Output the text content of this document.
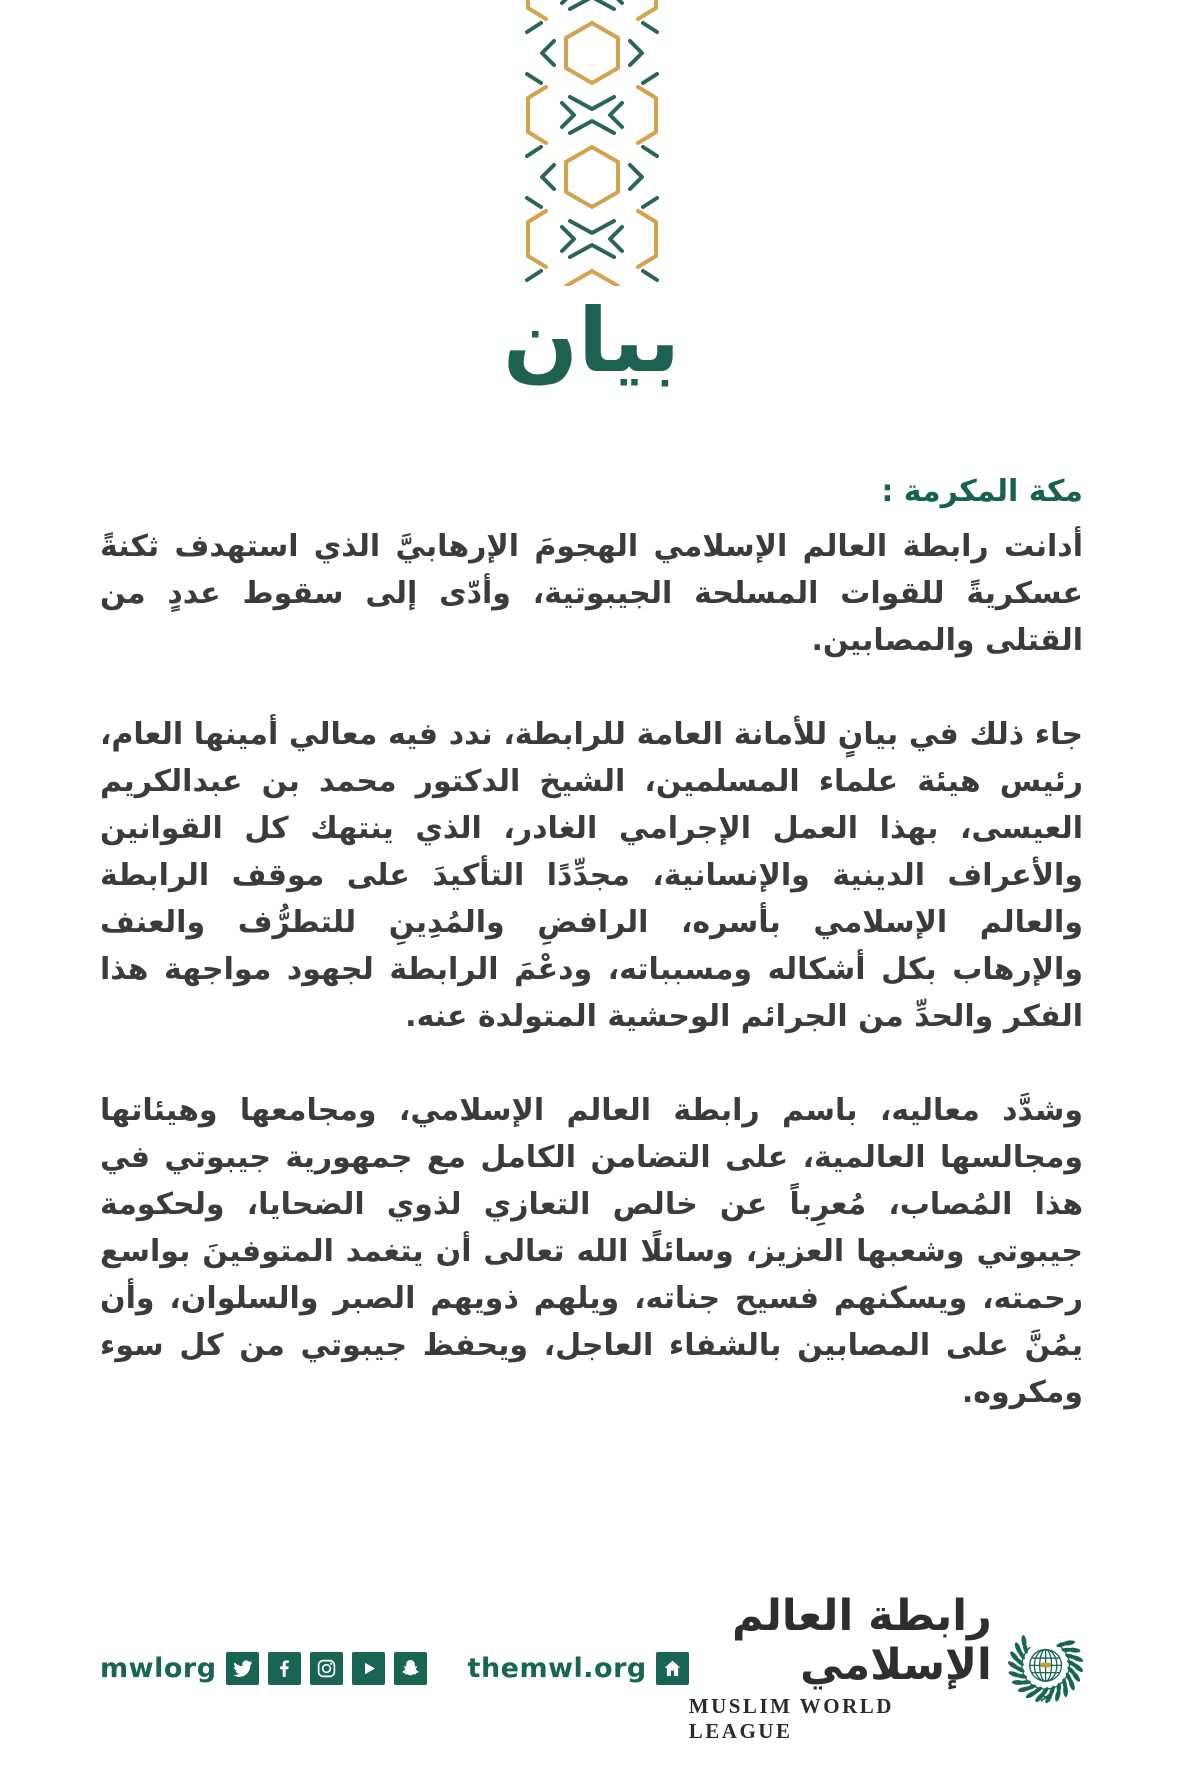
بيان
مكة المكرمة :

أدانت رابطة العالم الإسلامي الهجومَ الإرهابيَّ الذي استهدف ثكنةً عسكريةً للقوات المسلحة الجيبوتية، وأدّى إلى سقوط عددٍ من القتلى والمصابين.

جاء ذلك في بيانٍ للأمانة العامة للرابطة، ندد فيه معالي أمينها العام، رئيس هيئة علماء المسلمين، الشيخ الدكتور محمد بن عبدالكريم العيسى، بهذا العمل الإجرامي الغادر، الذي ينتهك كل القوانين والأعراف الدينية والإنسانية، مجدِّدًا التأكيدَ على موقف الرابطة والعالم الإسلامي بأسره، الرافضِ والمُدِينِ للتطرُّف والعنف والإرهاب بكل أشكاله ومسبباته، ودعْمَ الرابطة لجهود مواجهة هذا الفكر والحدِّ من الجرائم الوحشية المتولدة عنه.

وشدَّد معاليه، باسم رابطة العالم الإسلامي، ومجامعها وهيئاتها ومجالسها العالمية، على التضامن الكامل مع جمهورية جيبوتي في هذا المُصاب، مُعرِباً عن خالص التعازي لذوي الضحايا، ولحكومة جيبوتي وشعبها العزيز، وسائلًا الله تعالى أن يتغمد المتوفينَ بواسع رحمته، ويسكنهم فسيح جناته، ويلهم ذويهم الصبر والسلوان، وأن يمُنَّ على المصابين بالشفاء العاجل، ويحفظ جيبوتي من كل سوء ومكروه.

mwlorg	themwl.org
رابطة العالم الإسلامي
MUSLIM WORLD LEAGUE
